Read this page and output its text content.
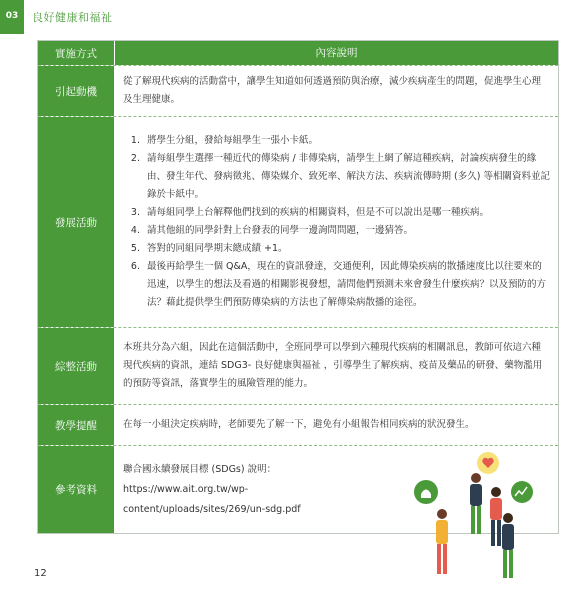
03 良好健康和福祉
實施方式	內容說明
引起動機
從了解現代疾病的活動當中，讓學生知道如何透過預防與治療，減少疾病產生的問題，促進學生心理及生理健康。
發展活動
1. 將學生分組，發給每組學生一張小卡紙。
2. 請每組學生選擇一種近代的傳染病 / 非傳染病，請學生上網了解這種疾病，討論疾病發生的緣由、發生年代、發病徵兆、傳染媒介、致死率、解決方法、疾病流傳時期 (多久) 等相關資料並記錄於卡紙中。
3. 請每組同學上台解釋他們找到的疾病的相關資料，但是不可以說出是哪一種疾病。
4. 請其他組的同學針對上台發表的同學一邊詢問問題，一邊猜答。
5. 答對的同組同學期末總成績 +1。
6. 最後再給學生一個 Q&A，現在的資訊發達，交通便利，因此傳染疾病的散播速度比以往要來的迅速，以學生的想法及看過的相關影視發想，請問他們預測未來會發生什麼疾病？以及預防的方法？藉此提供學生們預防傳染病的方法也了解傳染病散播的途徑。
綜整活動
本班共分為六組，因此在這個活動中，全班同學可以學到六種現代疾病的相關訊息，教師可依這六種現代疾病的資訊，連結 SDG3- 良好健康與福祉 ，引導學生了解疾病、疫苗及藥品的研發、藥物濫用的預防等資訊，落實學生的風險管理的能力。
教學提醒	在每一小組決定疾病時，老師要先了解一下，避免有小組報告相同疾病的狀況發生。
參考資料
聯合國永續發展目標 (SDGs) 說明：https://www.ait.org.tw/wp-content/uploads/sites/269/un-sdg.pdf
12
